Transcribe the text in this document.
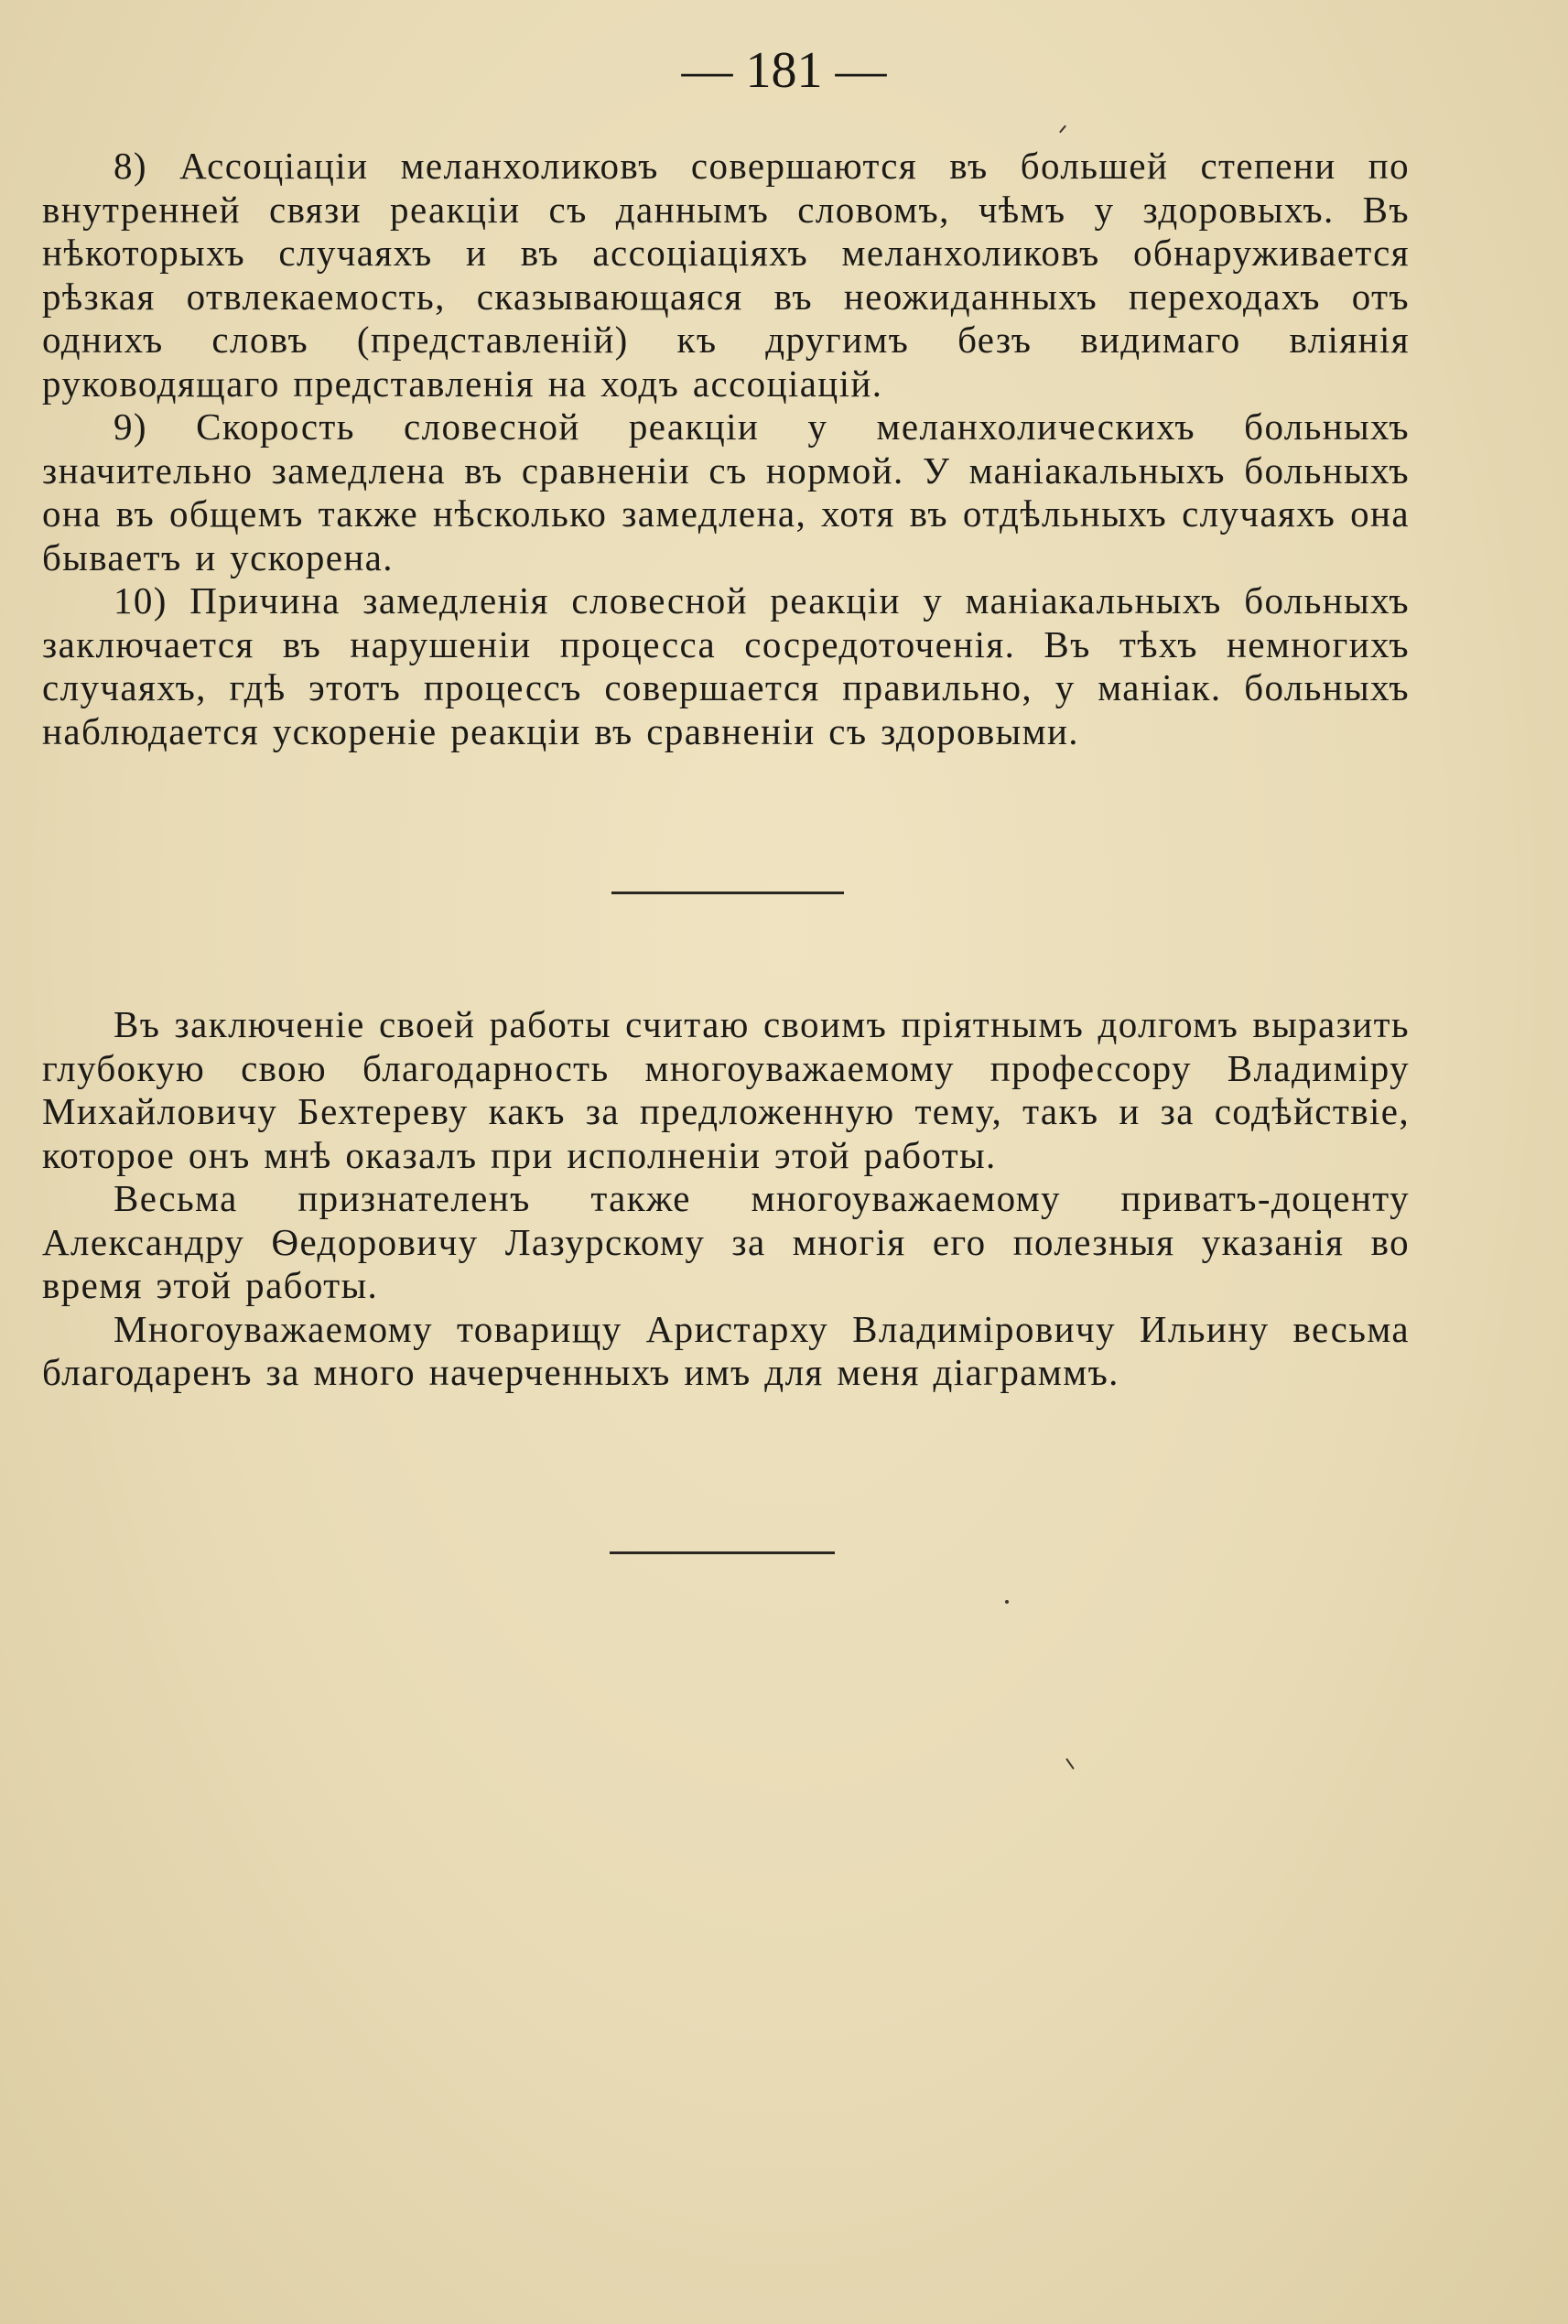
— 181 —

8) Ассоціаціи меланхоликовъ совершаются въ большей степени по внутренней связи реакціи съ даннымъ словомъ, чѣмъ у здоровыхъ. Въ нѣкоторыхъ случаяхъ и въ ассоціаціяхъ меланхоликовъ обнаруживается рѣзкая отвлекаемость, сказывающаяся въ неожиданныхъ переходахъ отъ однихъ словъ (представленій) къ другимъ безъ видимаго вліянія руководящаго представленія на ходъ ассоціацій.

9) Скорость словесной реакціи у меланхолическихъ больныхъ значительно замедлена въ сравненіи съ нормой. У маніакальныхъ больныхъ она въ общемъ также нѣсколько замедлена, хотя въ отдѣльныхъ случаяхъ она бываетъ и ускорена.

10) Причина замедленія словесной реакціи у маніакальныхъ больныхъ заключается въ нарушеніи процесса сосредоточенія. Въ тѣхъ немногихъ случаяхъ, гдѣ этотъ процессъ совершается правильно, у маніак. больныхъ наблюдается ускореніе реакціи въ сравненіи съ здоровыми.

Въ заключеніе своей работы считаю своимъ пріятнымъ долгомъ выразить глубокую свою благодарность многоуважаемому профессору Владиміру Михайловичу Бехтереву какъ за предложенную тему, такъ и за содѣйствіе, которое онъ мнѣ оказалъ при исполненіи этой работы.

Весьма признателенъ также многоуважаемому приватъ-доценту Александру Ѳедоровичу Лазурскому за многія его полезныя указанія во время этой работы.

Многоуважаемому товарищу Аристарху Владиміровичу Ильину весьма благодаренъ за много начерченныхъ имъ для меня діаграммъ.
